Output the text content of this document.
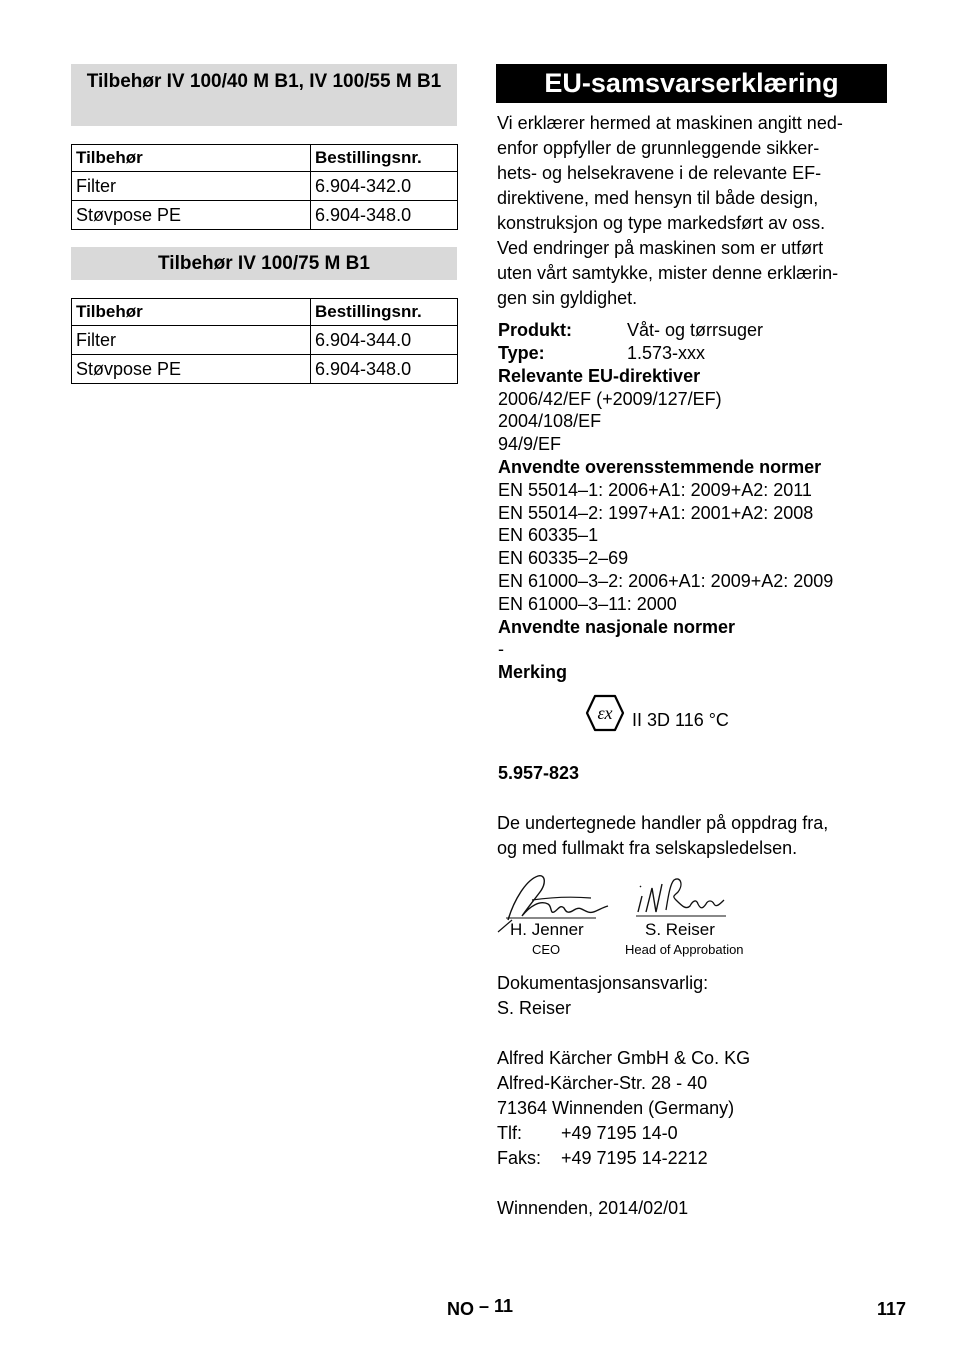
Tilbehør IV 100/40 M B1, IV 100/55 M B1
Tilbehør	Bestillingsnr.
Filter	6.904-342.0
Støvpose PE	6.904-348.0
Tilbehør IV 100/75 M B1
Tilbehør	Bestillingsnr.
Filter	6.904-344.0
Støvpose PE	6.904-348.0
EU-samsvarserklæring
Vi erklærer hermed at maskinen angitt ned-
enfor oppfyller de grunnleggende sikker-
hets- og helsekravene i de relevante EF-
direktivene, med hensyn til både design,
konstruksjon og type markedsført av oss.
Ved endringer på maskinen som er utført
uten vårt samtykke, mister denne erklærin-
gen sin gyldighet.
Produkt:	Våt- og tørrsuger
Type:	1.573-xxx
Relevante EU-direktiver
2006/42/EF (+2009/127/EF)
2004/108/EF
94/9/EF
Anvendte overensstemmende normer
EN 55014–1: 2006+A1: 2009+A2: 2011
EN 55014–2: 1997+A1: 2001+A2: 2008
EN 60335–1
EN 60335–2–69
EN 61000–3–2: 2006+A1: 2009+A2: 2009
EN 61000–3–11: 2000
Anvendte nasjonale normer
-
Merking
εx II 3D 116 °C
5.957-823
De undertegnede handler på oppdrag fra,
og med fullmakt fra selskapsledelsen.
H. Jenner
CEO
S. Reiser
Head of Approbation
Dokumentasjonsansvarlig:
S. Reiser
Alfred Kärcher GmbH & Co. KG
Alfred-Kärcher-Str. 28 - 40
71364 Winnenden (Germany)
Tlf: +49 7195 14-0
Faks: +49 7195 14-2212
Winnenden, 2014/02/01
NO – 11	117
